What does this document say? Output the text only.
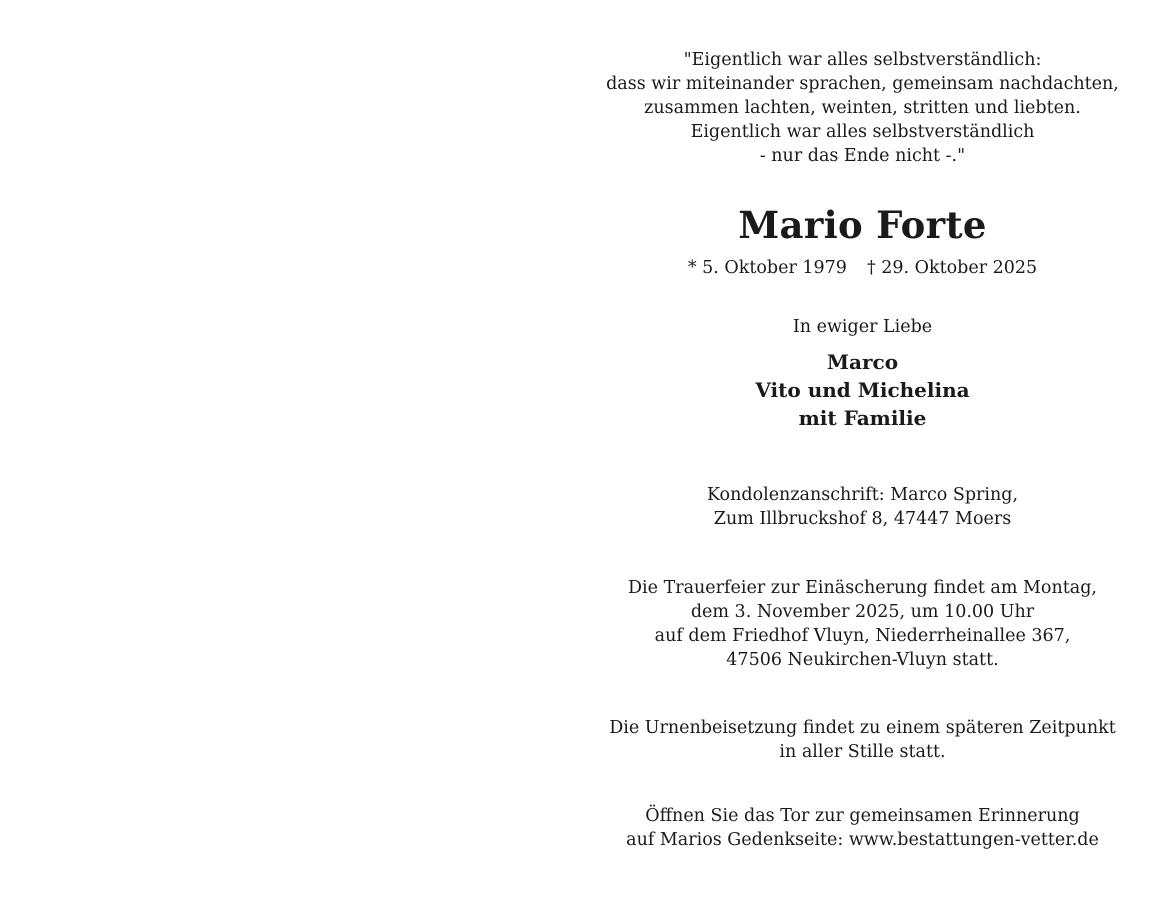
"Eigentlich war alles selbstverständlich:
dass wir miteinander sprachen, gemeinsam nachdachten,
zusammen lachten, weinten, stritten und liebten.
Eigentlich war alles selbstverständlich
- nur das Ende nicht -."
Mario Forte
* 5. Oktober 1979 † 29. Oktober 2025
In ewiger Liebe
Marco
Vito und Michelina
mit Familie
Kondolenzanschrift: Marco Spring,
Zum Illbruckshof 8, 47447 Moers
Die Trauerfeier zur Einäscherung findet am Montag,
dem 3. November 2025, um 10.00 Uhr
auf dem Friedhof Vluyn, Niederrheinallee 367,
47506 Neukirchen-Vluyn statt.
Die Urnenbeisetzung findet zu einem späteren Zeitpunkt
in aller Stille statt.
Öffnen Sie das Tor zur gemeinsamen Erinnerung
auf Marios Gedenkseite: www.bestattungen-vetter.de
